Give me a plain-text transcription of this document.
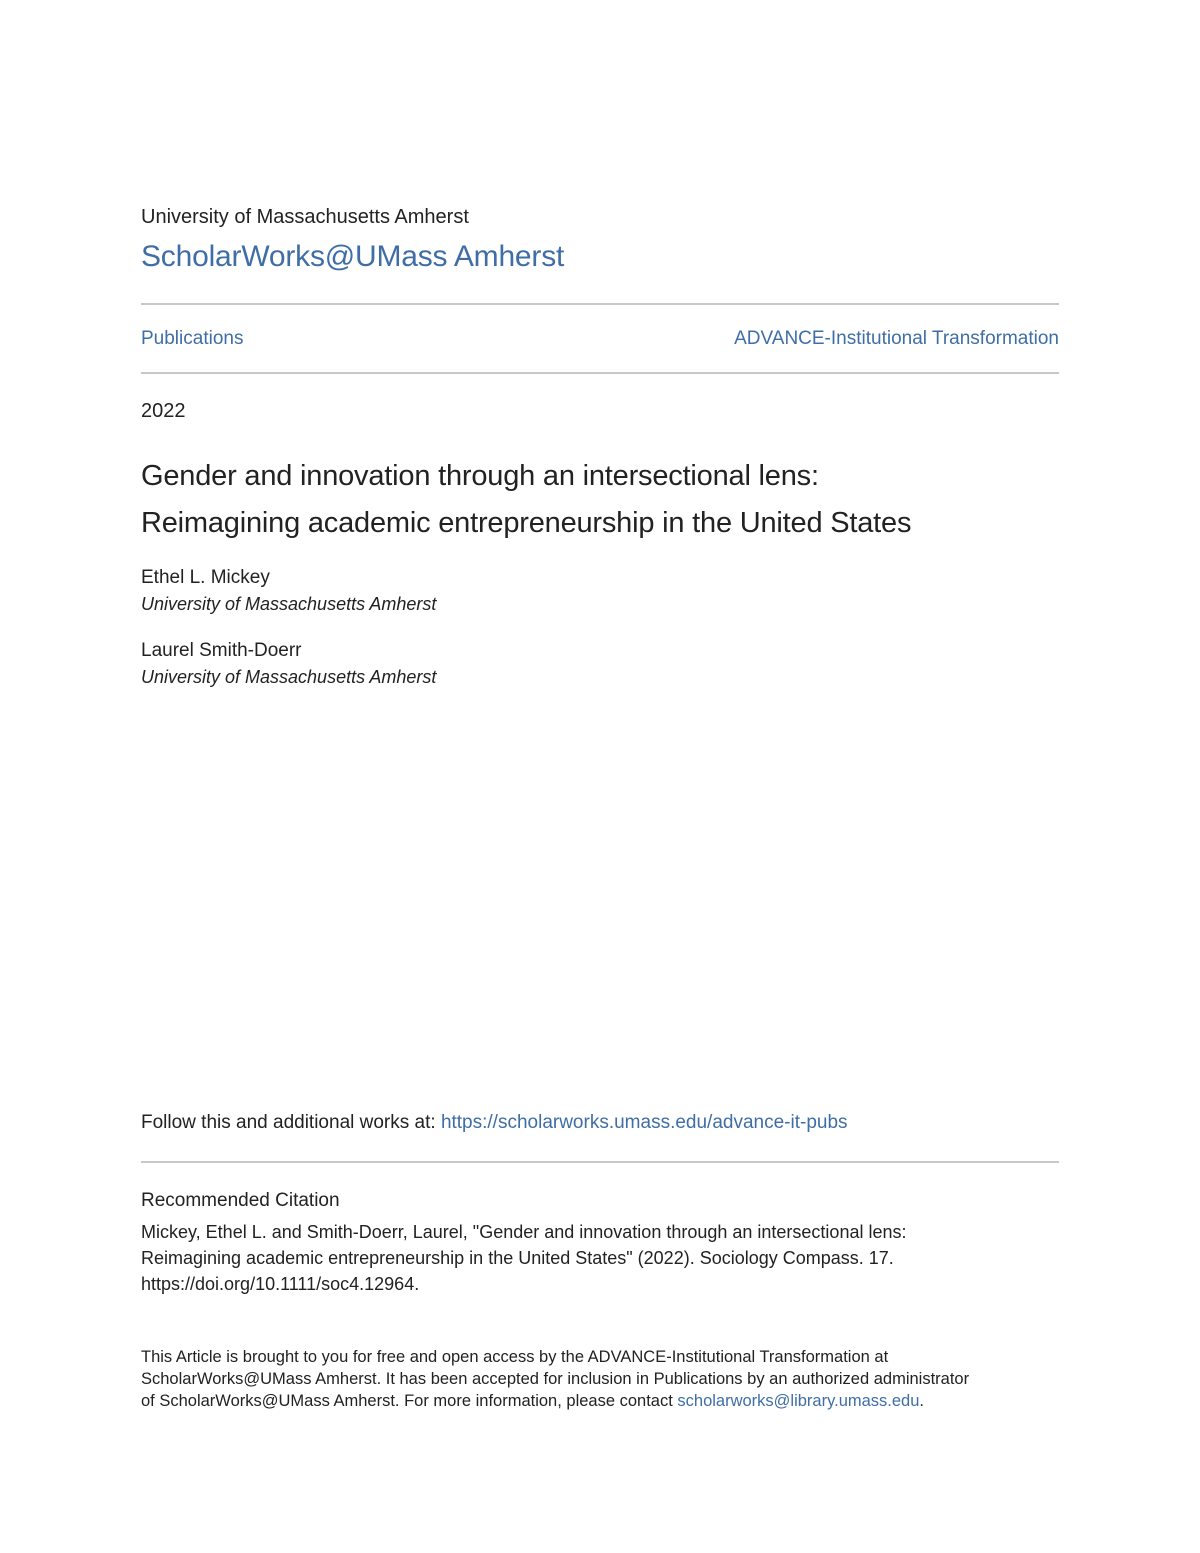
University of Massachusetts Amherst
ScholarWorks@UMass Amherst
Publications	ADVANCE-Institutional Transformation
2022
Gender and innovation through an intersectional lens:
Reimagining academic entrepreneurship in the United States
Ethel L. Mickey
University of Massachusetts Amherst
Laurel Smith-Doerr
University of Massachusetts Amherst
Follow this and additional works at: https://scholarworks.umass.edu/advance-it-pubs
Recommended Citation
Mickey, Ethel L. and Smith-Doerr, Laurel, "Gender and innovation through an intersectional lens:
Reimagining academic entrepreneurship in the United States" (2022). Sociology Compass. 17.
https://doi.org/10.1111/soc4.12964.
This Article is brought to you for free and open access by the ADVANCE-Institutional Transformation at
ScholarWorks@UMass Amherst. It has been accepted for inclusion in Publications by an authorized administrator
of ScholarWorks@UMass Amherst. For more information, please contact scholarworks@library.umass.edu.
